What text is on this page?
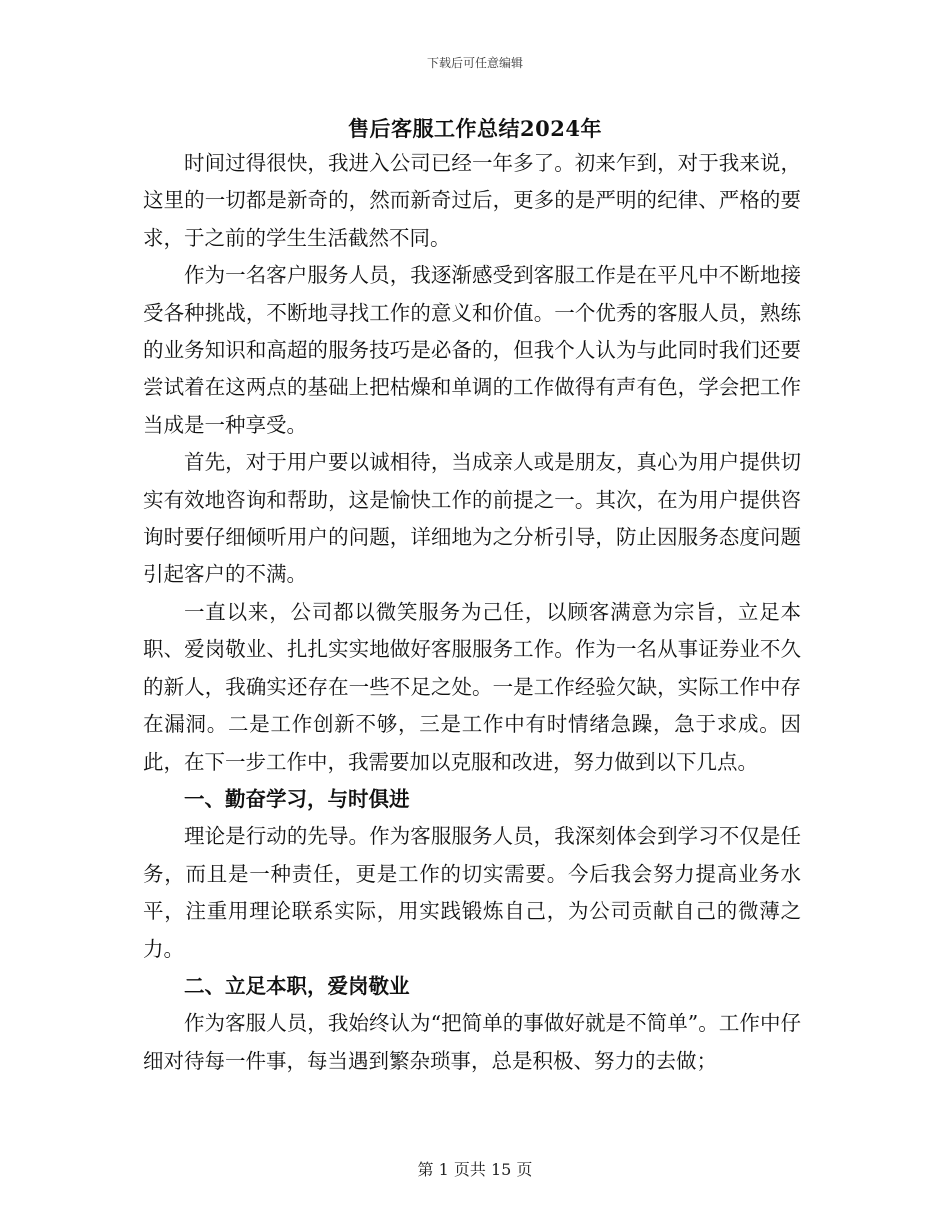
下载后可任意编辑
售后客服工作总结2024年

时间过得很快，我进入公司已经一年多了。初来乍到，对于我来说，这里的一切都是新奇的，然而新奇过后，更多的是严明的纪律、严格的要求，于之前的学生生活截然不同。

作为一名客户服务人员，我逐渐感受到客服工作是在平凡中不断地接受各种挑战，不断地寻找工作的意义和价值。一个优秀的客服人员，熟练的业务知识和高超的服务技巧是必备的，但我个人认为与此同时我们还要尝试着在这两点的基础上把枯燥和单调的工作做得有声有色，学会把工作当成是一种享受。

首先，对于用户要以诚相待，当成亲人或是朋友，真心为用户提供切实有效地咨询和帮助，这是愉快工作的前提之一。其次，在为用户提供咨询时要仔细倾听用户的问题，详细地为之分析引导，防止因服务态度问题引起客户的不满。

一直以来，公司都以微笑服务为己任，以顾客满意为宗旨，立足本职、爱岗敬业、扎扎实实地做好客服服务工作。作为一名从事证券业不久的新人，我确实还存在一些不足之处。一是工作经验欠缺，实际工作中存在漏洞。二是工作创新不够，三是工作中有时情绪急躁，急于求成。因此，在下一步工作中，我需要加以克服和改进，努力做到以下几点。

一、勤奋学习，与时俱进

理论是行动的先导。作为客服服务人员，我深刻体会到学习不仅是任务，而且是一种责任，更是工作的切实需要。今后我会努力提高业务水平，注重用理论联系实际，用实践锻炼自己，为公司贡献自己的微薄之力。

二、立足本职，爱岗敬业

作为客服人员，我始终认为“把简单的事做好就是不简单”。工作中仔细对待每一件事，每当遇到繁杂琐事，总是积极、努力的去做；

第 1 页共 15 页
